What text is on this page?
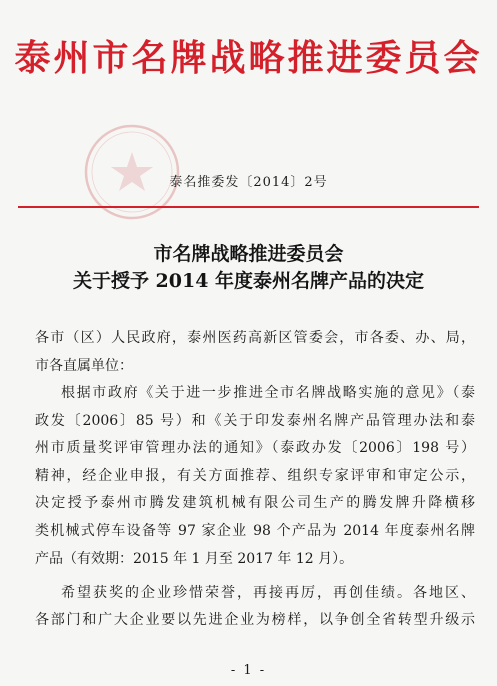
泰州市名牌战略推进委员会
泰名推委发〔2014〕2号
市名牌战略推进委员会
关于授予 2014 年度泰州名牌产品的决定
各市（区）人民政府，泰州医药高新区管委会，市各委、办、局，
市各直属单位：
根据市政府《关于进一步推进全市名牌战略实施的意见》（泰
政发〔2006〕85 号）和《关于印发泰州名牌产品管理办法和泰
州市质量奖评审管理办法的通知》（泰政办发〔2006〕198 号）
精神，经企业申报，有关方面推荐、组织专家评审和审定公示，
决定授予泰州市腾发建筑机械有限公司生产的腾发牌升降横移
类机械式停车设备等 97 家企业 98 个产品为 2014 年度泰州名牌
产品（有效期：2015 年 1 月至 2017 年 12 月）。
希望获奖的企业珍惜荣誉，再接再厉，再创佳绩。各地区、
各部门和广大企业要以先进企业为榜样，以争创全省转型升级示
- 1 -
